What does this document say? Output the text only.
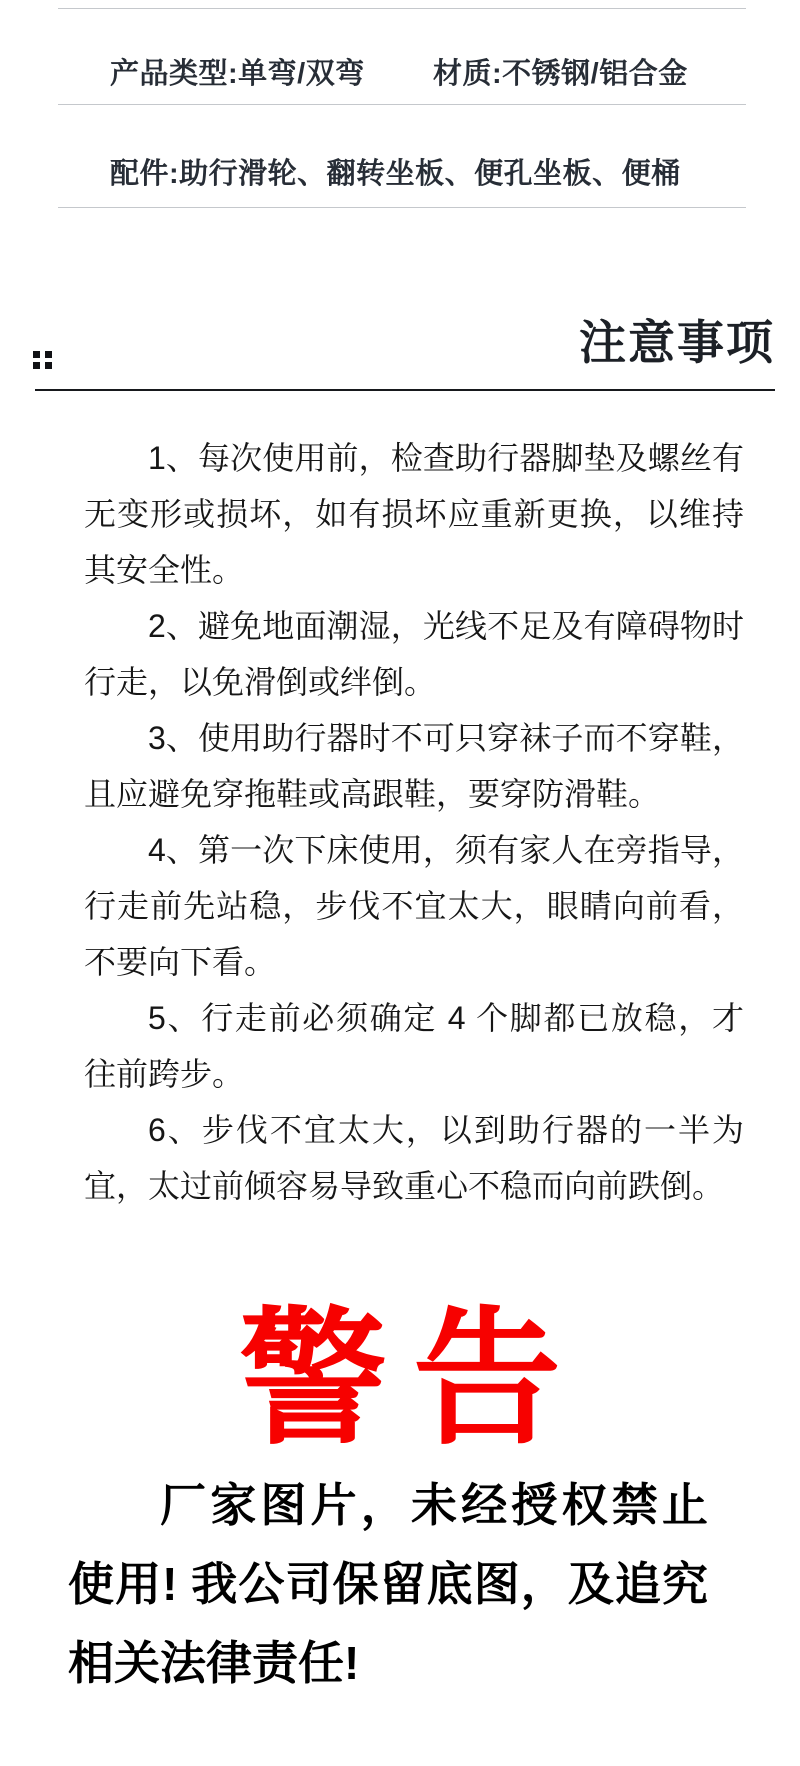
产品类型:单弯/双弯 材质:不锈钢/铝合金
配件:助行滑轮、翻转坐板、便孔坐板、便桶
注意事项

1、每次使用前，检查助行器脚垫及螺丝有无变形或损坏，如有损坏应重新更换，以维持其安全性。

2、避免地面潮湿，光线不足及有障碍物时行走，以免滑倒或绊倒。

3、使用助行器时不可只穿袜子而不穿鞋，且应避免穿拖鞋或高跟鞋，要穿防滑鞋。

4、第一次下床使用，须有家人在旁指导，行走前先站稳，步伐不宜太大，眼睛向前看，不要向下看。

5、行走前必须确定 4 个脚都已放稳，才往前跨步。

6、步伐不宜太大，以到助行器的一半为宜，太过前倾容易导致重心不稳而向前跌倒。

警告
厂家图片，未经授权禁止使用! 我公司保留底图，及追究相关法律责任!
